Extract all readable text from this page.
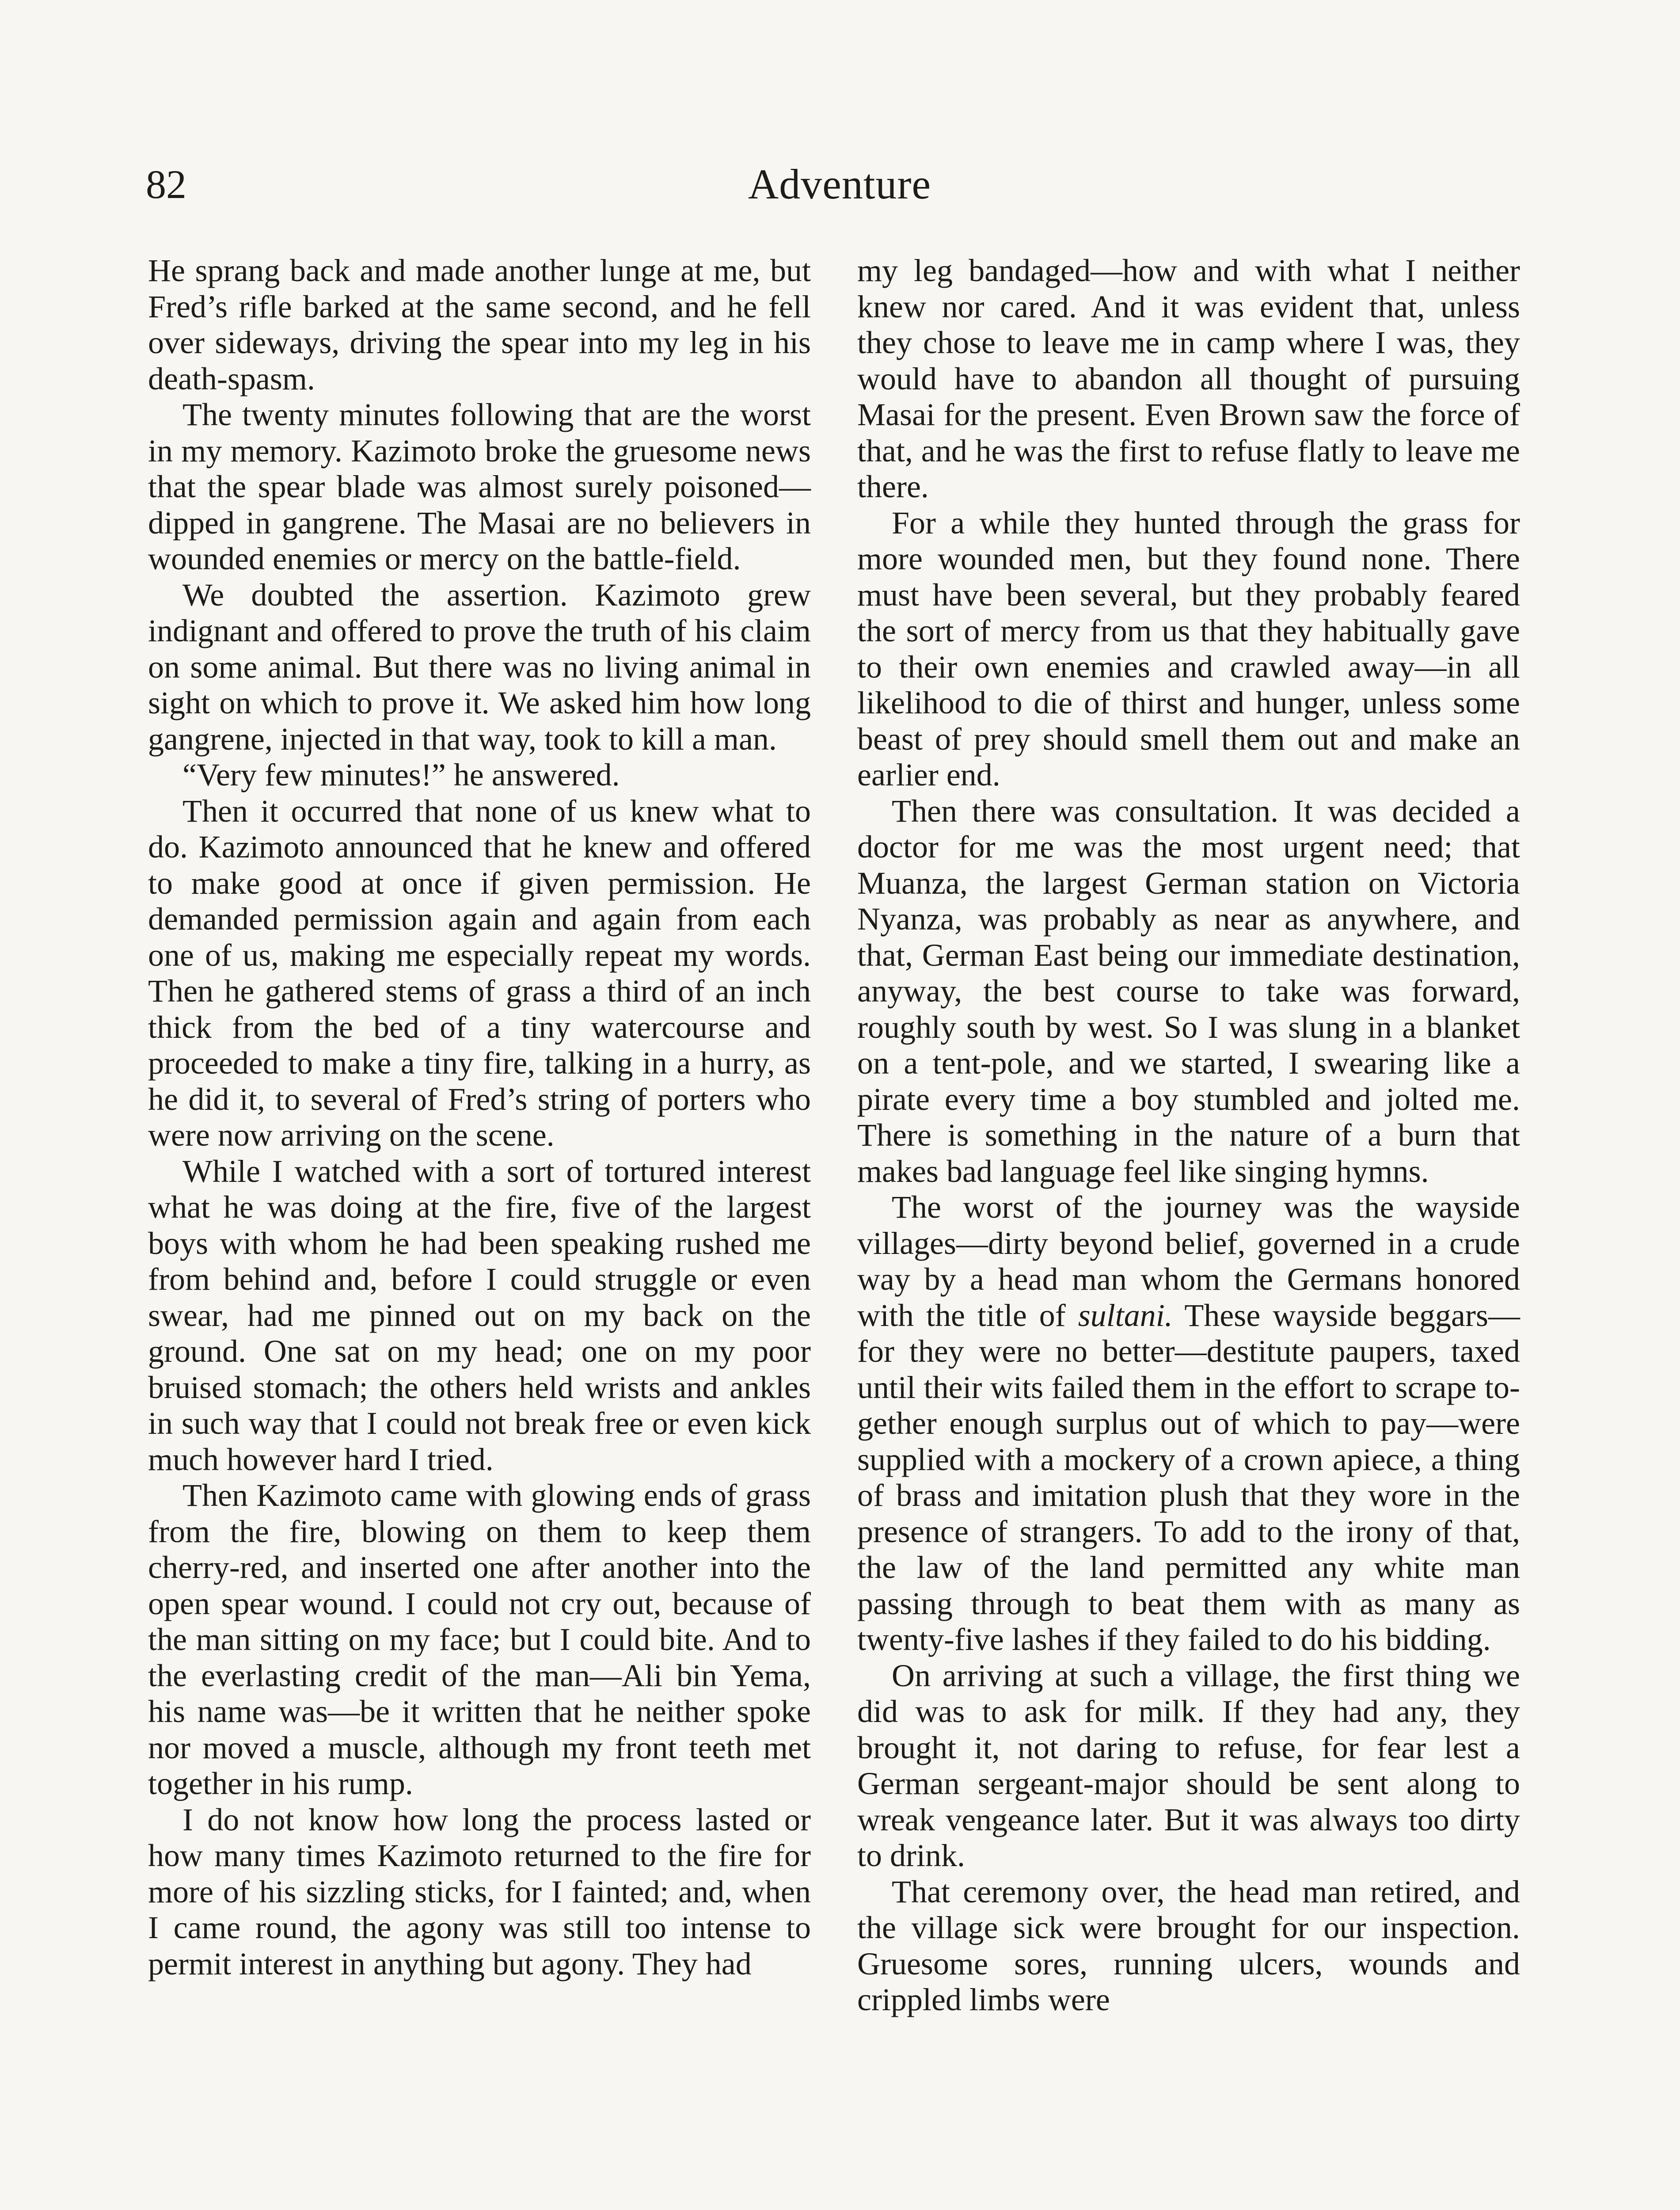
82	Adventure

He sprang back and made another lunge at me, but Fred’s rifle barked at the same second, and he fell over sideways, driving the spear into my leg in his death-spasm.

The twenty minutes following that are the worst in my memory. Kazimoto broke the gruesome news that the spear blade was almost surely poisoned—dipped in gangrene. The Masai are no believers in wounded enemies or mercy on the battle-field.

We doubted the assertion. Kazimoto grew indignant and offered to prove the truth of his claim on some animal. But there was no living animal in sight on which to prove it. We asked him how long gangrene, injected in that way, took to kill a man.

“Very few minutes!” he answered.

Then it occurred that none of us knew what to do. Kazimoto announced that he knew and offered to make good at once if given permission. He demanded permission again and again from each one of us, making me especially repeat my words. Then he gathered stems of grass a third of an inch thick from the bed of a tiny watercourse and proceeded to make a tiny fire, talking in a hurry, as he did it, to several of Fred’s string of porters who were now arriving on the scene.

While I watched with a sort of tortured interest what he was doing at the fire, five of the largest boys with whom he had been speaking rushed me from behind and, before I could struggle or even swear, had me pinned out on my back on the ground. One sat on my head; one on my poor bruised stomach; the others held wrists and ankles in such way that I could not break free or even kick much however hard I tried.

Then Kazimoto came with glowing ends of grass from the fire, blowing on them to keep them cherry-red, and inserted one after another into the open spear wound. I could not cry out, because of the man sitting on my face; but I could bite. And to the everlasting credit of the man—Ali bin Yema, his name was—be it written that he neither spoke nor moved a muscle, although my front teeth met together in his rump.

I do not know how long the process lasted or how many times Kazimoto returned to the fire for more of his sizzling sticks, for I fainted; and, when I came round, the agony was still too intense to permit interest in anything but agony. They had

my leg bandaged—how and with what I neither knew nor cared. And it was evident that, unless they chose to leave me in camp where I was, they would have to abandon all thought of pursuing Masai for the present. Even Brown saw the force of that, and he was the first to refuse flatly to leave me there.

For a while they hunted through the grass for more wounded men, but they found none. There must have been several, but they probably feared the sort of mercy from us that they habitually gave to their own enemies and crawled away—in all likelihood to die of thirst and hunger, unless some beast of prey should smell them out and make an earlier end.

Then there was consultation. It was decided a doctor for me was the most urgent need; that Muanza, the largest German station on Victoria Nyanza, was probably as near as anywhere, and that, German East being our immediate destination, anyway, the best course to take was forward, roughly south by west. So I was slung in a blanket on a tent-pole, and we started, I swearing like a pirate every time a boy stumbled and jolted me. There is something in the nature of a burn that makes bad language feel like singing hymns.

The worst of the journey was the wayside villages—dirty beyond belief, governed in a crude way by a head man whom the Germans honored with the title of sultani. These wayside beggars—for they were no better—destitute paupers, taxed until their wits failed them in the effort to scrape together enough surplus out of which to pay—were supplied with a mockery of a crown apiece, a thing of brass and imitation plush that they wore in the presence of strangers. To add to the irony of that, the law of the land permitted any white man passing through to beat them with as many as twenty-five lashes if they failed to do his bidding.

On arriving at such a village, the first thing we did was to ask for milk. If they had any, they brought it, not daring to refuse, for fear lest a German sergeant-major should be sent along to wreak vengeance later. But it was always too dirty to drink.

That ceremony over, the head man retired, and the village sick were brought for our inspection. Gruesome sores, running ulcers, wounds and crippled limbs were
